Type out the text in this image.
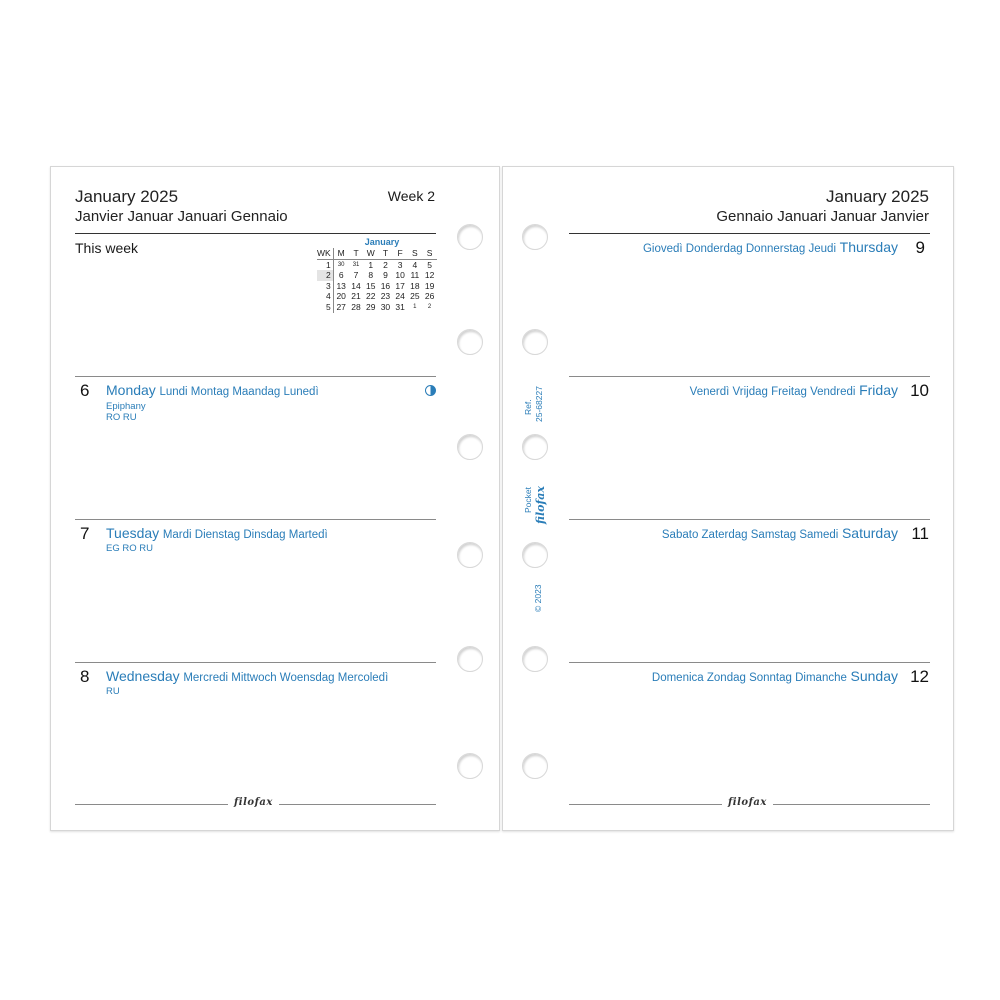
January 2025
Janvier Januar Januari Gennaio
Week 2
This week	January
WK	M	T	W	T	F	S	S
1	30	31	1	2	3	4	5
2	6	7	8	9	10	11	12
3	13	14	15	16	17	18	19
4	20	21	22	23	24	25	26
5	27	28	29	30	31	1	2
6 Monday Lundi Montag Maandag Lunedì
Epiphany
RO RU
7 Tuesday Mardi Dienstag Dinsdag Martedì
EG RO RU
8 Wednesday Mercredi Mittwoch Woensdag Mercoledì
RU
filofax
Ref. 25-68227
Pocket filofax
© 2023
January 2025
Gennaio Januari Januar Janvier
9
Giovedì Donderdag Donnerstag Jeudi Thursday
10
Venerdì Vrijdag Freitag Vendredi Friday
11
Sabato Zaterdag Samstag Samedi Saturday
12
Domenica Zondag Sonntag Dimanche Sunday
filofax
